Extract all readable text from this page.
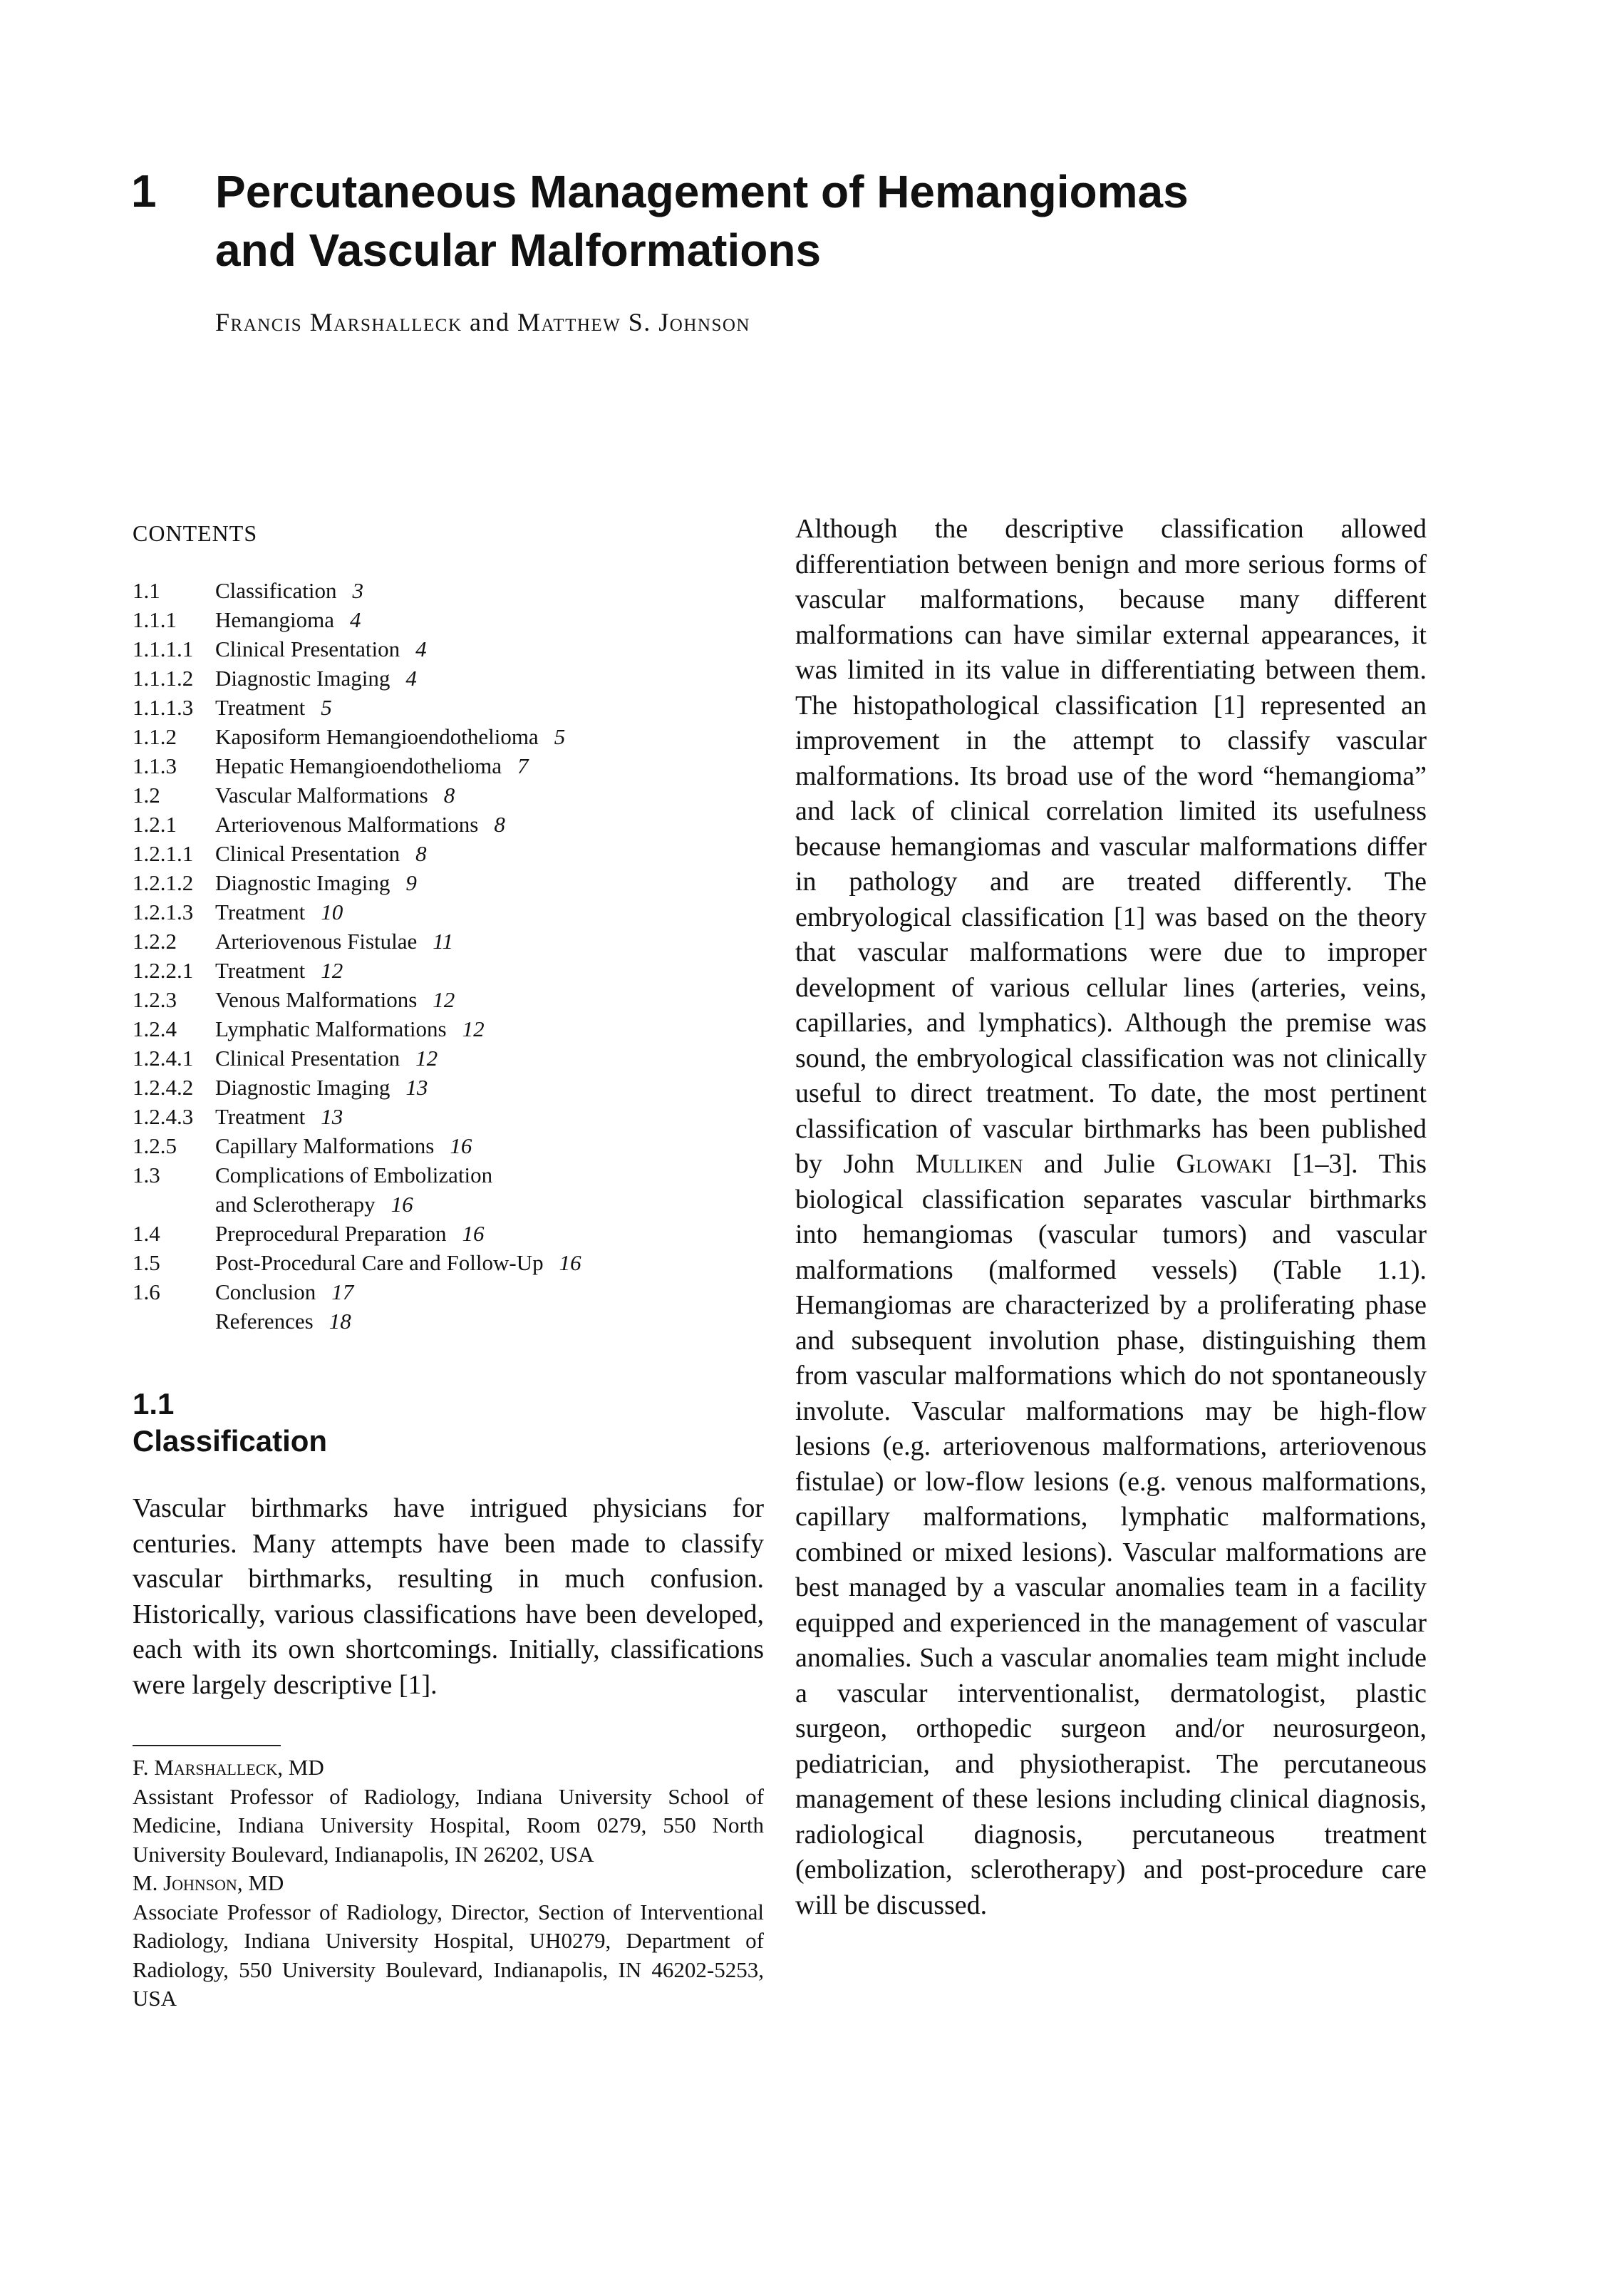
1 Percutaneous Management of Hemangiomas
and Vascular Malformations
Francis Marshalleck and Matthew S. Johnson
CONTENTS
1.1 Classification 3
1.1.1 Hemangioma 4
1.1.1.1 Clinical Presentation 4
1.1.1.2 Diagnostic Imaging 4
1.1.1.3 Treatment 5
1.1.2 Kaposiform Hemangioendothelioma 5
1.1.3 Hepatic Hemangioendothelioma 7
1.2 Vascular Malformations 8
1.2.1 Arteriovenous Malformations 8
1.2.1.1 Clinical Presentation 8
1.2.1.2 Diagnostic Imaging 9
1.2.1.3 Treatment 10
1.2.2 Arteriovenous Fistulae 11
1.2.2.1 Treatment 12
1.2.3 Venous Malformations 12
1.2.4 Lymphatic Malformations 12
1.2.4.1 Clinical Presentation 12
1.2.4.2 Diagnostic Imaging 13
1.2.4.3 Treatment 13
1.2.5 Capillary Malformations 16
1.3 Complications of Embolization
and Sclerotherapy 16
1.4 Preprocedural Preparation 16
1.5 Post-Procedural Care and Follow-Up 16
1.6 Conclusion 17
References 18
1.1
Classification

Vascular birthmarks have intrigued physicians for centuries. Many attempts have been made to classify vascular birthmarks, resulting in much confusion. Historically, various classifications have been developed, each with its own shortcomings. Initially, classifications were largely descriptive [1].

F. Marshalleck, MD

Assistant Professor of Radiology, Indiana University School of Medicine, Indiana University Hospital, Room 0279, 550 North University Boulevard, Indianapolis, IN 26202, USA

M. Johnson, MD

Associate Professor of Radiology, Director, Section of Interventional Radiology, Indiana University Hospital, UH0279, Department of Radiology, 550 University Boulevard, Indianapolis, IN 46202-5253, USA

Although the descriptive classification allowed differentiation between benign and more serious forms of vascular malformations, because many different malformations can have similar external appearances, it was limited in its value in differentiating between them. The histopathological classification [1] represented an improvement in the attempt to classify vascular malformations. Its broad use of the word “hemangioma” and lack of clinical correlation limited its usefulness because hemangiomas and vascular malformations differ in pathology and are treated differently. The embryological classification [1] was based on the theory that vascular malformations were due to improper development of various cellular lines (arteries, veins, capillaries, and lymphatics). Although the premise was sound, the embryological classification was not clinically useful to direct treatment. To date, the most pertinent classification of vascular birthmarks has been published by John Mulliken and Julie Glowaki [1–3]. This biological classification separates vascular birthmarks into hemangiomas (vascular tumors) and vascular malformations (malformed vessels) (Table 1.1). Hemangiomas are characterized by a proliferating phase and subsequent involution phase, distinguishing them from vascular malformations which do not spontaneously involute. Vascular malformations may be high-flow lesions (e.g. arteriovenous malformations, arteriovenous fistulae) or low-flow lesions (e.g. venous malformations, capillary malformations, lymphatic malformations, combined or mixed lesions). Vascular malformations are best managed by a vascular anomalies team in a facility equipped and experienced in the management of vascular anomalies. Such a vascular anomalies team might include a vascular interventionalist, dermatologist, plastic surgeon, orthopedic surgeon and/or neurosurgeon, pediatrician, and physiotherapist. The percutaneous management of these lesions including clinical diagnosis, radiological diagnosis, percutaneous treatment (embolization, sclerotherapy) and post-procedure care will be discussed.
